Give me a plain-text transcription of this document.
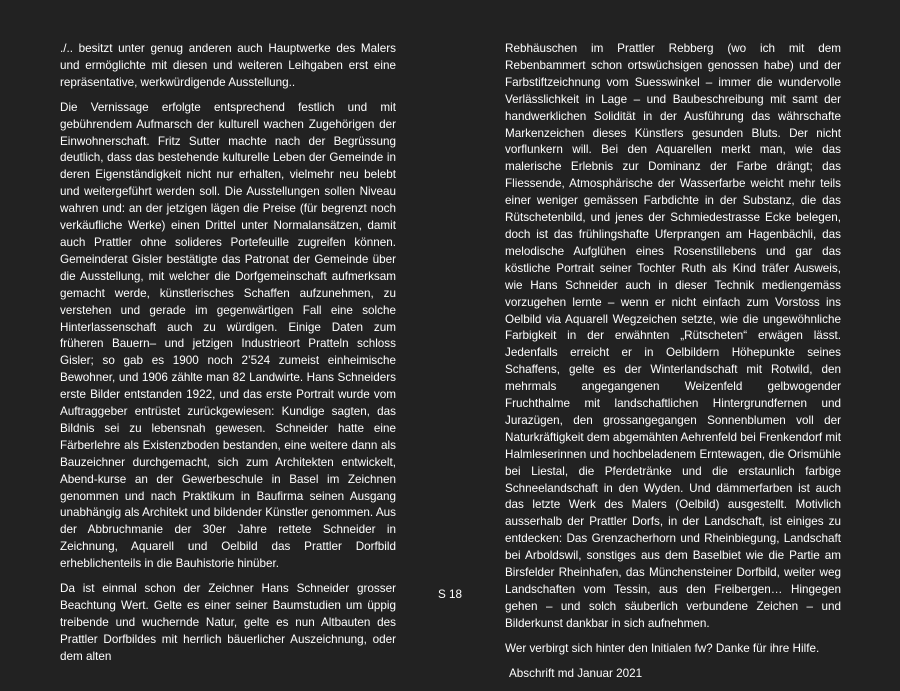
./.. besitzt unter genug anderen auch Hauptwerke des Malers und ermöglichte mit diesen und weiteren Leihgaben erst eine repräsentative, werkwürdigende Ausstellung..

Die Vernissage erfolgte entsprechend festlich und mit gebührendem Aufmarsch der kulturell wachen Zugehörigen der Einwohnerschaft. Fritz Sutter machte nach der Begrüssung deutlich, dass das bestehende kulturelle Leben der Gemeinde in deren Eigenständigkeit nicht nur erhalten, vielmehr neu belebt und weitergeführt werden soll. Die Ausstellungen sollen Niveau wahren und: an der jetzigen lägen die Preise (für begrenzt noch verkäufliche Werke) einen Drittel unter Normalansätzen, damit auch Prattler ohne solideres Portefeuille zugreifen können. Gemeinderat Gisler bestätigte das Patronat der Gemeinde über die Ausstellung, mit welcher die Dorfgemeinschaft aufmerksam gemacht werde, künstlerisches Schaffen aufzunehmen, zu verstehen und gerade im gegenwärtigen Fall eine solche Hinterlassenschaft auch zu würdigen. Einige Daten zum früheren Bauern– und jetzigen Industrieort Pratteln schloss Gisler; so gab es 1900 noch 2’524 zumeist einheimische Bewohner, und 1906 zählte man 82 Landwirte. Hans Schneiders erste Bilder entstanden 1922, und das erste Portrait wurde vom Auftraggeber entrüstet zurückgewiesen: Kundige sagten, das Bildnis sei zu lebensnah gewesen. Schneider hatte eine Färberlehre als Existenzboden bestanden, eine weitere dann als Bauzeichner durchgemacht, sich zum Architekten entwickelt, Abend-kurse an der Gewerbeschule in Basel im Zeichnen genommen und nach Praktikum in Baufirma seinen Ausgang unabhängig als Architekt und bildender Künstler genommen. Aus der Abbruchmanie der 30er Jahre rettete Schneider in Zeichnung, Aquarell und Oelbild das Prattler Dorfbild erheblichenteils in die Bauhistorie hinüber.

Da ist einmal schon der Zeichner Hans Schneider grosser Beachtung Wert. Gelte es einer seiner Baumstudien um üppig treibende und wuchernde Natur, gelte es nun Altbauten des Prattler Dorfbildes mit herrlich bäuerlicher Auszeichnung, oder dem alten

Rebhäuschen im Prattler Rebberg (wo ich mit dem Rebenbammert schon ortswüchsigen genossen habe) und der Farbstiftzeichnung vom Suesswinkel – immer die wundervolle Verlässlichkeit in Lage – und Baubeschreibung mit samt der handwerklichen Solidität in der Ausführung das währschafte Markenzeichen dieses Künstlers gesunden Bluts. Der nicht vorflunkern will. Bei den Aquarellen merkt man, wie das malerische Erlebnis zur Dominanz der Farbe drängt; das Fliessende, Atmosphärische der Wasserfarbe weicht mehr teils einer weniger gemässen Farbdichte in der Substanz, die das Rütschetenbild, und jenes der Schmiedestrasse Ecke belegen, doch ist das frühlingshafte Uferprangen am Hagenbächli, das melodische Aufglühen eines Rosenstillebens und gar das köstliche Portrait seiner Tochter Ruth als Kind träfer Ausweis, wie Hans Schneider auch in dieser Technik mediengemäss vorzugehen lernte – wenn er nicht einfach zum Vorstoss ins Oelbild via Aquarell Wegzeichen setzte, wie die ungewöhnliche Farbigkeit in der erwähnten „Rütscheten“ erwägen lässt. Jedenfalls erreicht er in Oelbildern Höhepunkte seines Schaffens, gelte es der Winterlandschaft mit Rotwild, den mehrmals angegangenen Weizenfeld gelbwogender Fruchthalme mit landschaftlichen Hintergrundfernen und Jurazügen, den grossangegangen Sonnenblumen voll der Naturkräftigkeit dem abgemähten Aehrenfeld bei Frenkendorf mit Halmleserinnen und hochbeladenem Erntewagen, die Orismühle bei Liestal, die Pferdetränke und die erstaunlich farbige Schneelandschaft in den Wyden. Und dämmerfarben ist auch das letzte Werk des Malers (Oelbild) ausgestellt. Motivlich ausserhalb der Prattler Dorfs, in der Landschaft, ist einiges zu entdecken: Das Grenzacherhorn und Rheinbiegung, Landschaft bei Arboldswil, sonstiges aus dem Baselbiet wie die Partie am Birsfelder Rheinhafen, das Münchensteiner Dorfbild, weiter weg Landschaften vom Tessin, aus den Freibergen… Hingegen gehen – und solch säuberlich verbundene Zeichen – und Bilderkunst dankbar in sich aufnehmen.

Wer verbirgt sich hinter den Initialen fw? Danke für ihre Hilfe.

Abschrift md Januar 2021

S 18
